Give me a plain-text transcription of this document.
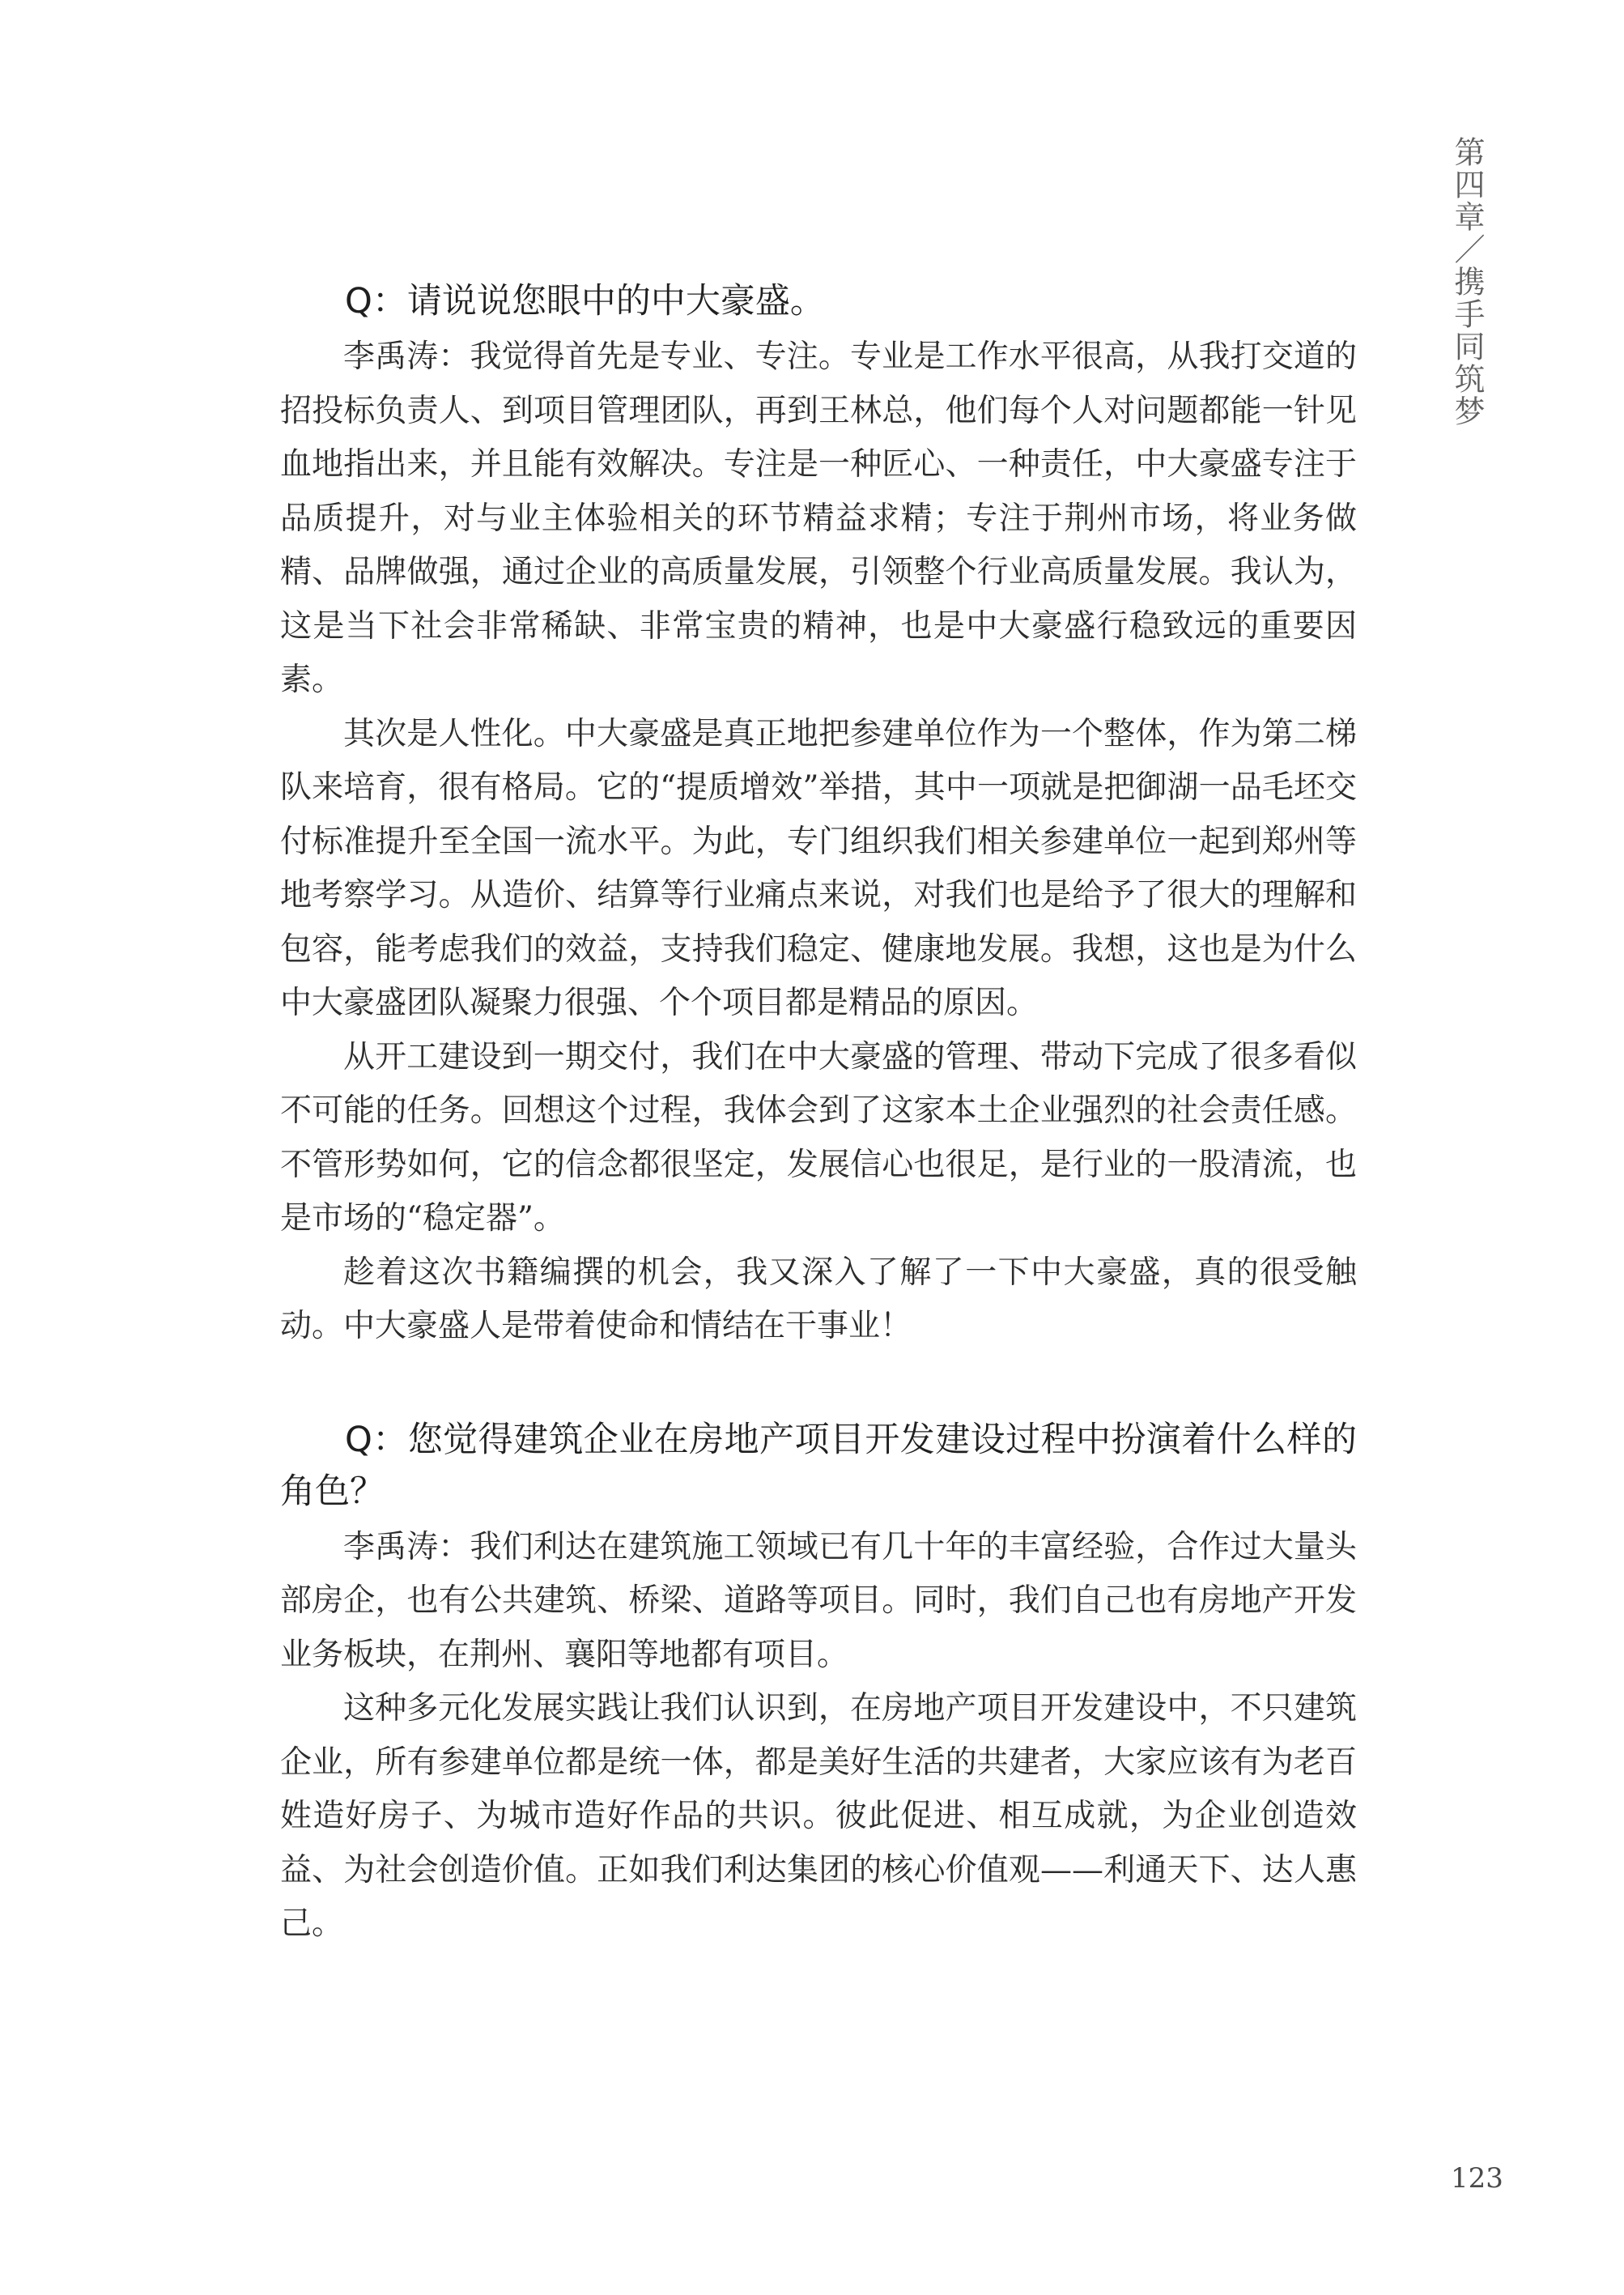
第四章／携手同筑梦

Q：请说说您眼中的中大豪盛。

李禹涛：我觉得首先是专业、专注。专业是工作水平很高，从我打交道的招投标负责人、到项目管理团队，再到王林总，他们每个人对问题都能一针见血地指出来，并且能有效解决。专注是一种匠心、一种责任，中大豪盛专注于品质提升，对与业主体验相关的环节精益求精；专注于荆州市场，将业务做精、品牌做强，通过企业的高质量发展，引领整个行业高质量发展。我认为，这是当下社会非常稀缺、非常宝贵的精神，也是中大豪盛行稳致远的重要因素。

其次是人性化。中大豪盛是真正地把参建单位作为一个整体，作为第二梯队来培育，很有格局。它的“提质增效”举措，其中一项就是把御湖一品毛坯交付标准提升至全国一流水平。为此，专门组织我们相关参建单位一起到郑州等地考察学习。从造价、结算等行业痛点来说，对我们也是给予了很大的理解和包容，能考虑我们的效益，支持我们稳定、健康地发展。我想，这也是为什么中大豪盛团队凝聚力很强、个个项目都是精品的原因。

从开工建设到一期交付，我们在中大豪盛的管理、带动下完成了很多看似不可能的任务。回想这个过程，我体会到了这家本土企业强烈的社会责任感。不管形势如何，它的信念都很坚定，发展信心也很足，是行业的一股清流，也是市场的“稳定器”。

趁着这次书籍编撰的机会，我又深入了解了一下中大豪盛，真的很受触动。中大豪盛人是带着使命和情结在干事业！

Q：您觉得建筑企业在房地产项目开发建设过程中扮演着什么样的角色？

李禹涛：我们利达在建筑施工领域已有几十年的丰富经验，合作过大量头部房企，也有公共建筑、桥梁、道路等项目。同时，我们自己也有房地产开发业务板块，在荆州、襄阳等地都有项目。

这种多元化发展实践让我们认识到，在房地产项目开发建设中，不只建筑企业，所有参建单位都是统一体，都是美好生活的共建者，大家应该有为老百姓造好房子、为城市造好作品的共识。彼此促进、相互成就，为企业创造效益、为社会创造价值。正如我们利达集团的核心价值观——利通天下、达人惠己。

123
